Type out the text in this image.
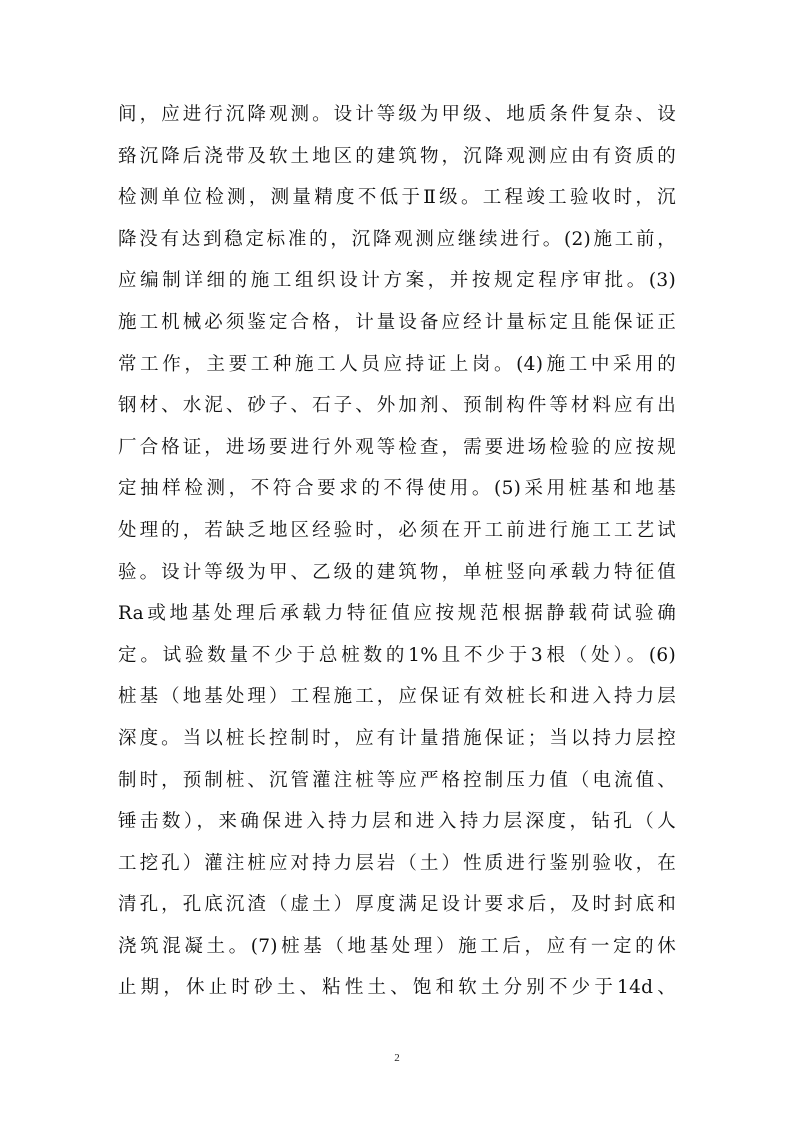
间，应进行沉降观测。设计等级为甲级、地质条件复杂、设
臵沉降后浇带及软土地区的建筑物，沉降观测应由有资质的
检测单位检测，测量精度不低于Ⅱ级。工程竣工验收时，沉
降没有达到稳定标准的，沉降观测应继续进行。(2)施工前，
应编制详细的施工组织设计方案，并按规定程序审批。(3)
施工机械必须鉴定合格，计量设备应经计量标定且能保证正
常工作，主要工种施工人员应持证上岗。(4)施工中采用的
钢材、水泥、砂子、石子、外加剂、预制构件等材料应有出
厂合格证，进场要进行外观等检查，需要进场检验的应按规
定抽样检测，不符合要求的不得使用。(5)采用桩基和地基
处理的，若缺乏地区经验时，必须在开工前进行施工工艺试
验。设计等级为甲、乙级的建筑物，单桩竖向承载力特征值
Ra或地基处理后承载力特征值应按规范根据静载荷试验确
定。试验数量不少于总桩数的1%且不少于3根（处）。(6)
桩基（地基处理）工程施工，应保证有效桩长和进入持力层
深度。当以桩长控制时，应有计量措施保证；当以持力层控
制时，预制桩、沉管灌注桩等应严格控制压力值（电流值、
锤击数），来确保进入持力层和进入持力层深度，钻孔（人
工挖孔）灌注桩应对持力层岩（土）性质进行鉴别验收，在
清孔，孔底沉渣（虚土）厚度满足设计要求后，及时封底和
浇筑混凝土。(7)桩基（地基处理）施工后，应有一定的休
止期，休止时砂土、粘性土、饱和软土分别不少于14d、
2
